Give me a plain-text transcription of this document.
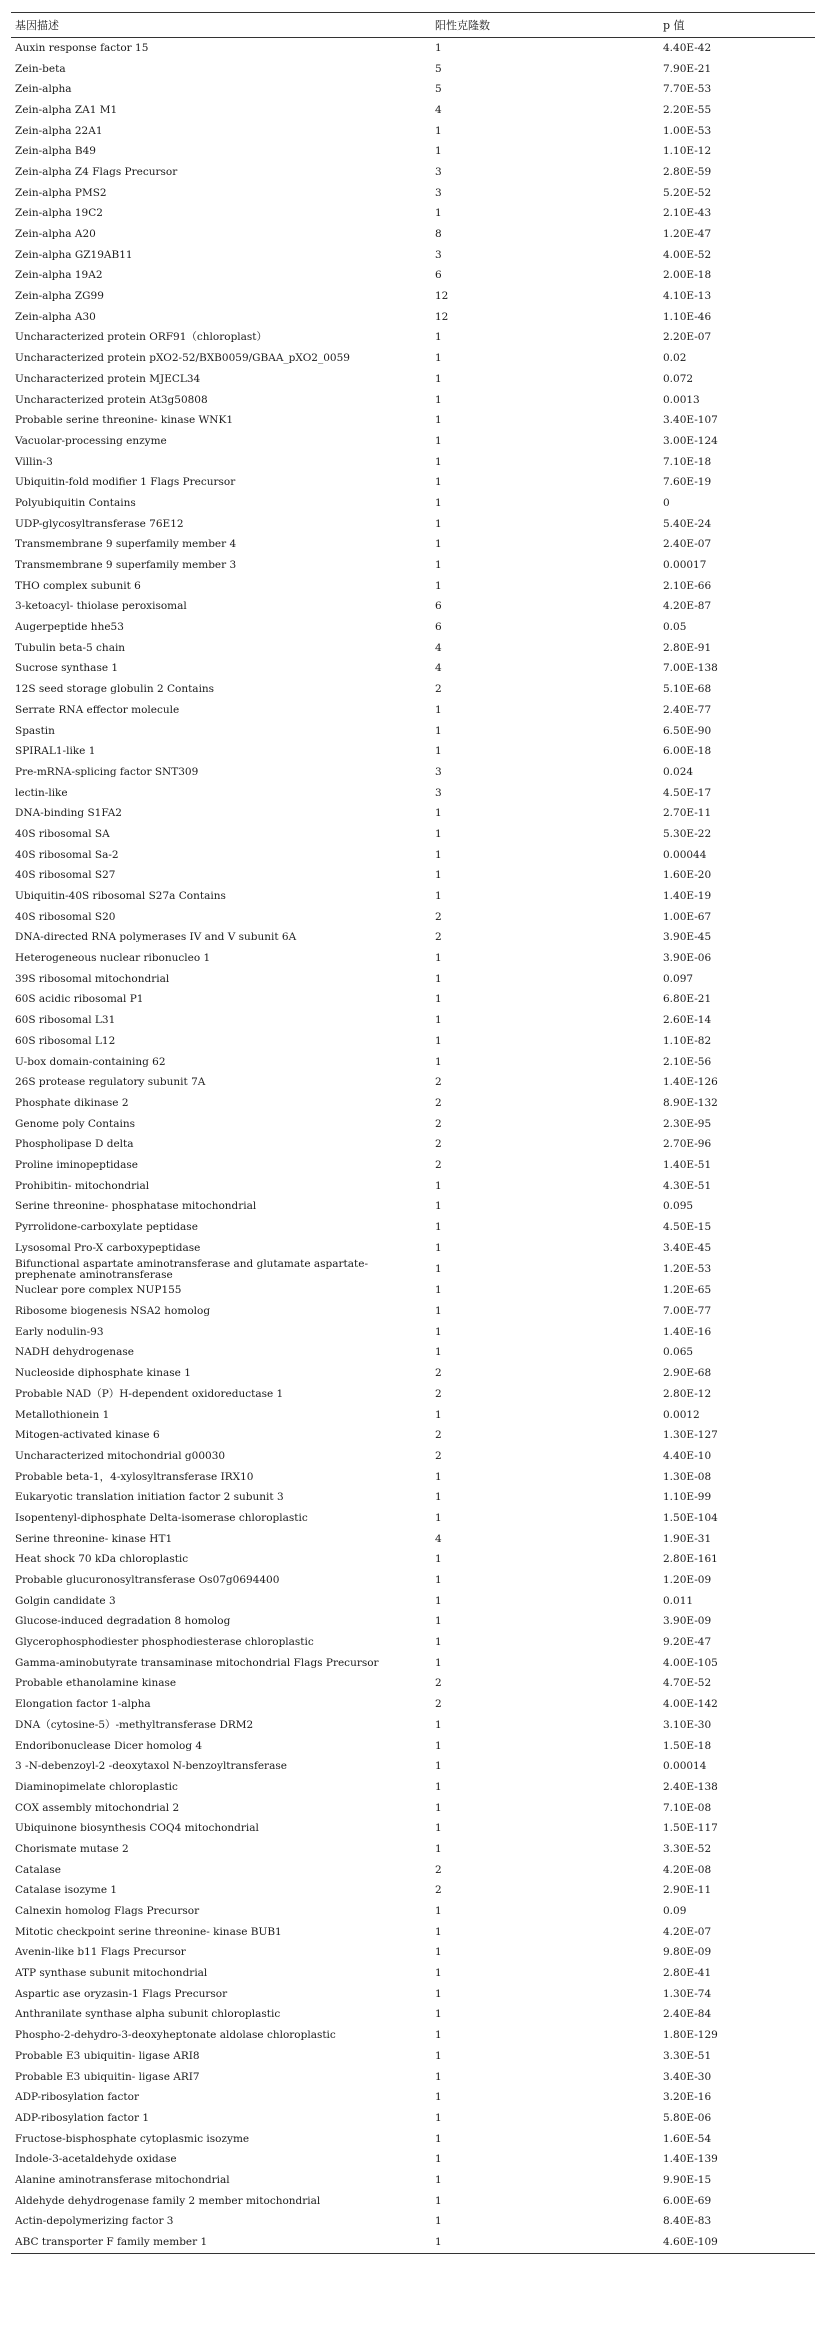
基因描述	阳性克隆数	p 值
Auxin response factor 15	1	4.40E-42
Zein-beta	5	7.90E-21
Zein-alpha	5	7.70E-53
Zein-alpha ZA1 M1	4	2.20E-55
Zein-alpha 22A1	1	1.00E-53
Zein-alpha B49	1	1.10E-12
Zein-alpha Z4 Flags Precursor	3	2.80E-59
Zein-alpha PMS2	3	5.20E-52
Zein-alpha 19C2	1	2.10E-43
Zein-alpha A20	8	1.20E-47
Zein-alpha GZ19AB11	3	4.00E-52
Zein-alpha 19A2	6	2.00E-18
Zein-alpha ZG99	12	4.10E-13
Zein-alpha A30	12	1.10E-46
Uncharacterized protein ORF91（chloroplast）	1	2.20E-07
Uncharacterized protein pXO2-52/BXB0059/GBAA_pXO2_0059	1	0.02
Uncharacterized protein MJECL34	1	0.072
Uncharacterized protein At3g50808	1	0.0013
Probable serine threonine- kinase WNK1	1	3.40E-107
Vacuolar-processing enzyme	1	3.00E-124
Villin-3	1	7.10E-18
Ubiquitin-fold modifier 1 Flags Precursor	1	7.60E-19
Polyubiquitin Contains	1	0
UDP-glycosyltransferase 76E12	1	5.40E-24
Transmembrane 9 superfamily member 4	1	2.40E-07
Transmembrane 9 superfamily member 3	1	0.00017
THO complex subunit 6	1	2.10E-66
3-ketoacyl- thiolase peroxisomal	6	4.20E-87
Augerpeptide hhe53	6	0.05
Tubulin beta-5 chain	4	2.80E-91
Sucrose synthase 1	4	7.00E-138
12S seed storage globulin 2 Contains	2	5.10E-68
Serrate RNA effector molecule	1	2.40E-77
Spastin	1	6.50E-90
SPIRAL1-like 1	1	6.00E-18
Pre-mRNA-splicing factor SNT309	3	0.024
lectin-like	3	4.50E-17
DNA-binding S1FA2	1	2.70E-11
40S ribosomal SA	1	5.30E-22
40S ribosomal Sa-2	1	0.00044
40S ribosomal S27	1	1.60E-20
Ubiquitin-40S ribosomal S27a Contains	1	1.40E-19
40S ribosomal S20	2	1.00E-67
DNA-directed RNA polymerases IV and V subunit 6A	2	3.90E-45
Heterogeneous nuclear ribonucleo 1	1	3.90E-06
39S ribosomal mitochondrial	1	0.097
60S acidic ribosomal P1	1	6.80E-21
60S ribosomal L31	1	2.60E-14
60S ribosomal L12	1	1.10E-82
U-box domain-containing 62	1	2.10E-56
26S protease regulatory subunit 7A	2	1.40E-126
Phosphate dikinase 2	2	8.90E-132
Genome poly Contains	2	2.30E-95
Phospholipase D delta	2	2.70E-96
Proline iminopeptidase	2	1.40E-51
Prohibitin- mitochondrial	1	4.30E-51
Serine threonine- phosphatase mitochondrial	1	0.095
Pyrrolidone-carboxylate peptidase	1	4.50E-15
Lysosomal Pro-X carboxypeptidase	1	3.40E-45
Bifunctional aspartate aminotransferase and glutamate aspartate-prephenate aminotransferase	1	1.20E-53
Nuclear pore complex NUP155	1	1.20E-65
Ribosome biogenesis NSA2 homolog	1	7.00E-77
Early nodulin-93	1	1.40E-16
NADH dehydrogenase	1	0.065
Nucleoside diphosphate kinase 1	2	2.90E-68
Probable NAD（P）H-dependent oxidoreductase 1	2	2.80E-12
Metallothionein 1	1	0.0012
Mitogen-activated kinase 6	2	1.30E-127
Uncharacterized mitochondrial g00030	2	4.40E-10
Probable beta-1，4-xylosyltransferase IRX10	1	1.30E-08
Eukaryotic translation initiation factor 2 subunit 3	1	1.10E-99
Isopentenyl-diphosphate Delta-isomerase chloroplastic	1	1.50E-104
Serine threonine- kinase HT1	4	1.90E-31
Heat shock 70 kDa chloroplastic	1	2.80E-161
Probable glucuronosyltransferase Os07g0694400	1	1.20E-09
Golgin candidate 3	1	0.011
Glucose-induced degradation 8 homolog	1	3.90E-09
Glycerophosphodiester phosphodiesterase chloroplastic	1	9.20E-47
Gamma-aminobutyrate transaminase mitochondrial Flags Precursor	1	4.00E-105
Probable ethanolamine kinase	2	4.70E-52
Elongation factor 1-alpha	2	4.00E-142
DNA（cytosine-5）-methyltransferase DRM2	1	3.10E-30
Endoribonuclease Dicer homolog 4	1	1.50E-18
3 -N-debenzoyl-2 -deoxytaxol N-benzoyltransferase	1	0.00014
Diaminopimelate chloroplastic	1	2.40E-138
COX assembly mitochondrial 2	1	7.10E-08
Ubiquinone biosynthesis COQ4 mitochondrial	1	1.50E-117
Chorismate mutase 2	1	3.30E-52
Catalase	2	4.20E-08
Catalase isozyme 1	2	2.90E-11
Calnexin homolog Flags Precursor	1	0.09
Mitotic checkpoint serine threonine- kinase BUB1	1	4.20E-07
Avenin-like b11 Flags Precursor	1	9.80E-09
ATP synthase subunit mitochondrial	1	2.80E-41
Aspartic ase oryzasin-1 Flags Precursor	1	1.30E-74
Anthranilate synthase alpha subunit chloroplastic	1	2.40E-84
Phospho-2-dehydro-3-deoxyheptonate aldolase chloroplastic	1	1.80E-129
Probable E3 ubiquitin- ligase ARI8	1	3.30E-51
Probable E3 ubiquitin- ligase ARI7	1	3.40E-30
ADP-ribosylation factor	1	3.20E-16
ADP-ribosylation factor 1	1	5.80E-06
Fructose-bisphosphate cytoplasmic isozyme	1	1.60E-54
Indole-3-acetaldehyde oxidase	1	1.40E-139
Alanine aminotransferase mitochondrial	1	9.90E-15
Aldehyde dehydrogenase family 2 member mitochondrial	1	6.00E-69
Actin-depolymerizing factor 3	1	8.40E-83
ABC transporter F family member 1	1	4.60E-109
